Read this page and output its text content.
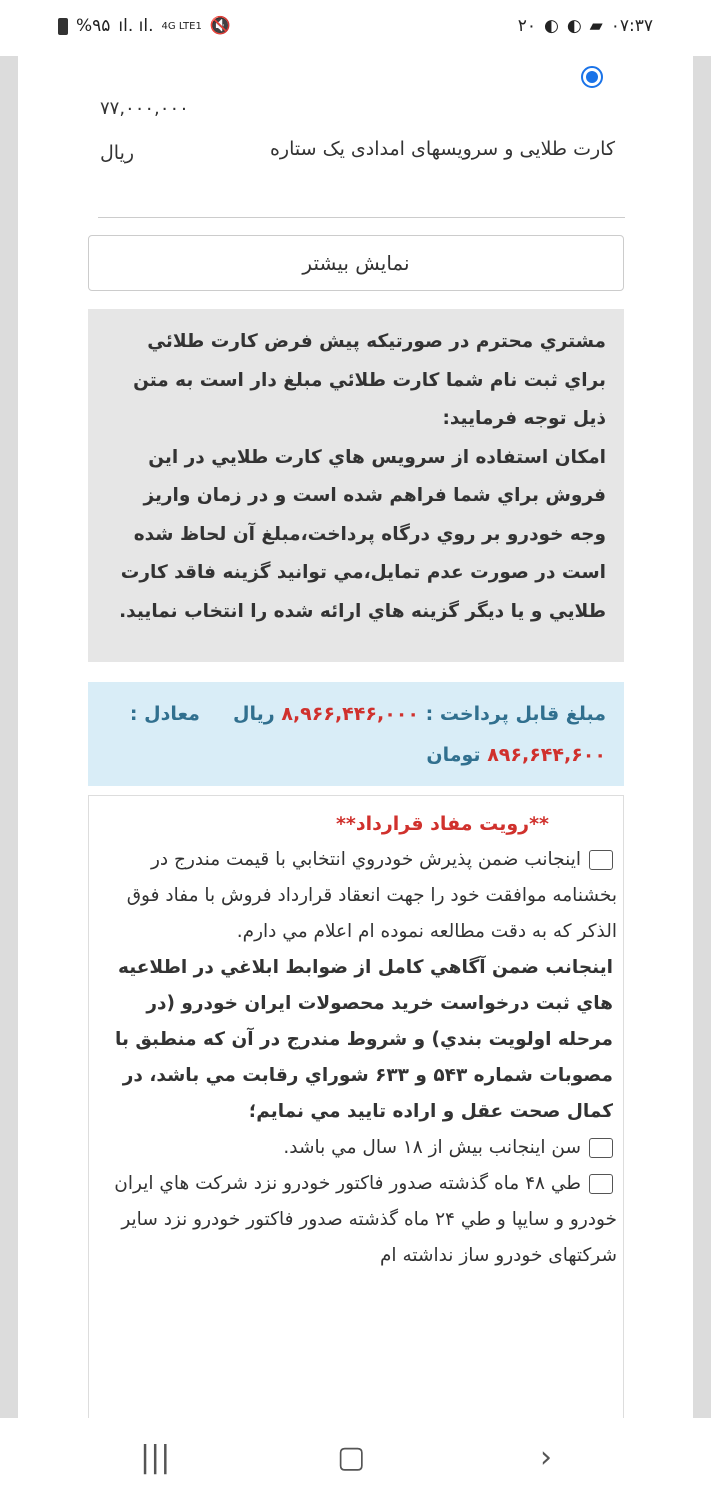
%۹۵ ıl. ıl. 4G LTE1 🔇	۲۰ ◐ ◐ ▰ ۰۷:۳۷
۷۷,۰۰۰,۰۰۰
ریال	کارت طلایی و سرویسهای امدادی یک ستاره
نمایش بیشتر
مشتري محترم در صورتيکه پيش فرض کارت طلائي براي ثبت نام شما کارت طلائي مبلغ دار است به متن ذيل توجه فرماييد:
امکان استفاده از سرويس هاي کارت طلايي در اين فروش براي شما فراهم شده است و در زمان واريز وجه خودرو بر روي درگاه پرداخت،مبلغ آن لحاظ شده است در صورت عدم تمايل،مي توانيد گزينه فاقد کارت طلايي و يا ديگر گزينه هاي ارائه شده را انتخاب نماييد.
مبلغ قابل پرداخت : ۸,۹۶۶,۴۴۶,۰۰۰ ریال     معادل : ۸۹۶,۶۴۴,۶۰۰ تومان
**رويت مفاد قرارداد**
اينجانب ضمن پذيرش خودروي انتخابي با قيمت مندرج در بخشنامه موافقت خود را جهت انعقاد قرارداد فروش با مفاد فوق الذکر که به دقت مطالعه نموده ام اعلام مي دارم.
اينجانب ضمن آگاهي کامل از ضوابط ابلاغي در اطلاعيه هاي ثبت درخواست خريد محصولات ايران خودرو (در مرحله اولويت بندي) و شروط مندرج در آن که منطبق با مصوبات شماره ۵۴۳ و ۶۳۳ شوراي رقابت مي باشد، در کمال صحت عقل و اراده تاييد مي نمايم؛
سن اينجانب بيش از ۱۸ سال مي باشد.
طي ۴۸ ماه گذشته صدور فاکتور خودرو نزد شرکت هاي ايران خودرو و سايپا و طي ۲۴ ماه گذشته صدور فاکتور خودرو نزد ساير شرکتهای خودرو ساز نداشته ام
|||	▢	›
